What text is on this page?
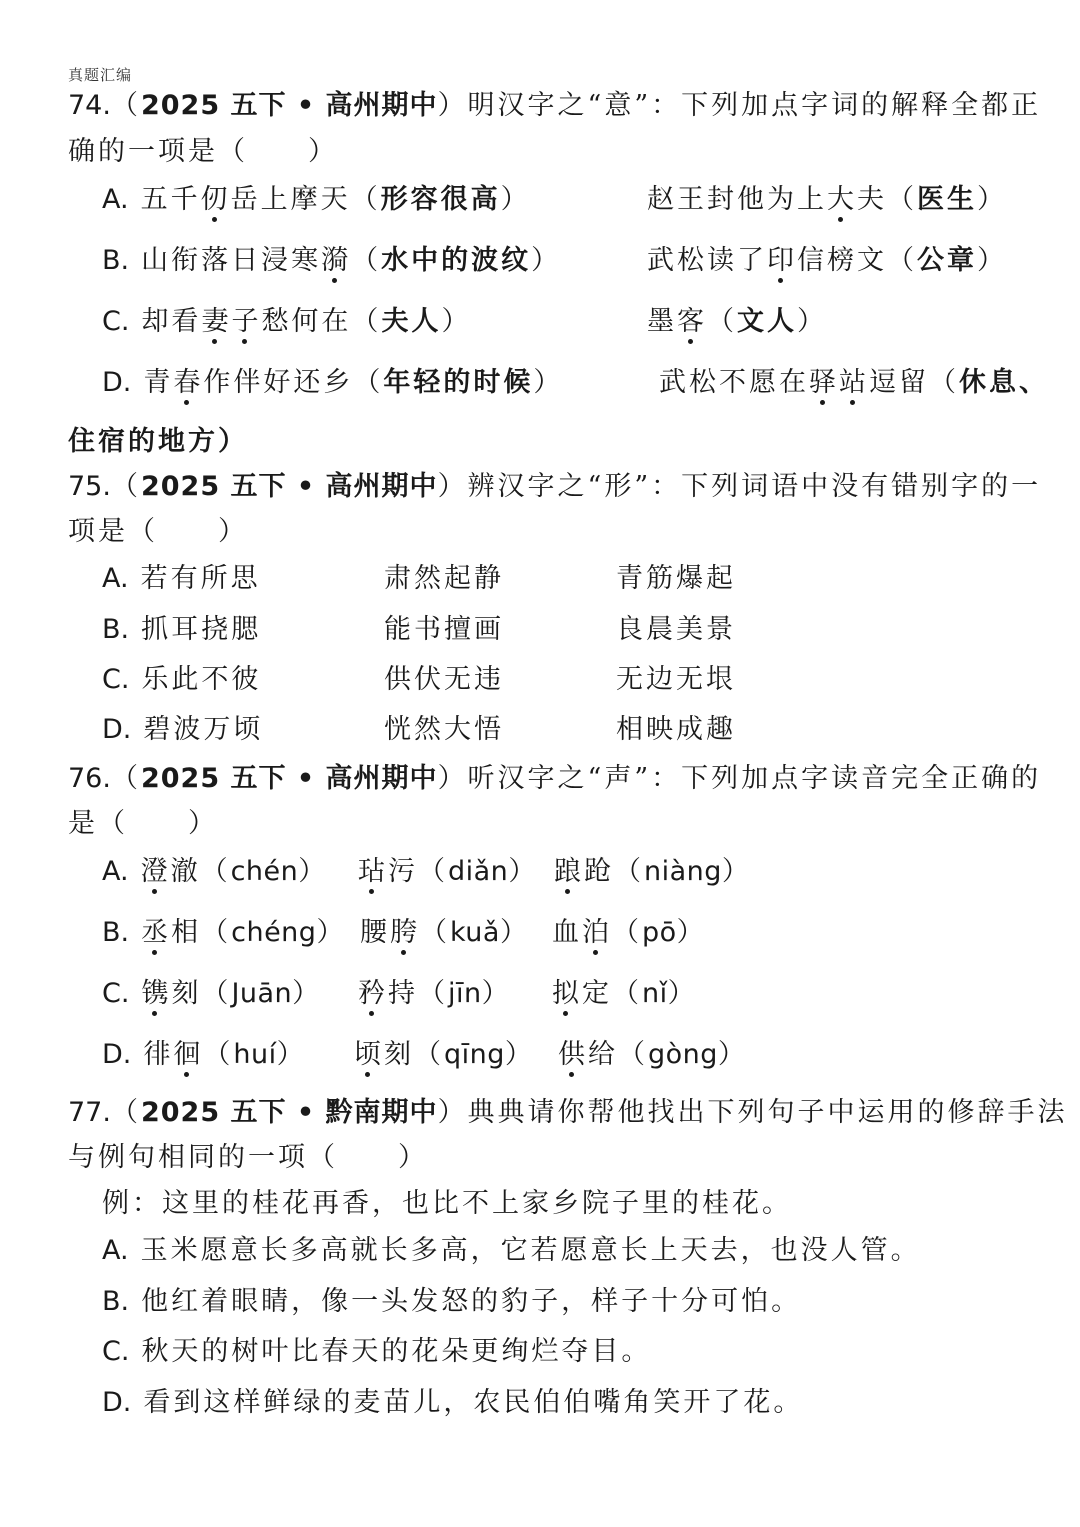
真题汇编
74.（2025 五下 • 高州期中）明汉字之“意”：下列加点字词的解释全都正
确的一项是（　　）
A. 五千仞岳上摩天（形容很高）	赵王封他为上大夫（医生）
B. 山衔落日浸寒漪（水中的波纹）	武松读了印信榜文（公章）
C. 却看妻子愁何在（夫人）	墨客（文人）
D. 青春作伴好还乡（年轻的时候）	武松不愿在驿站逗留（休息、
住宿的地方）
75.（2025 五下 • 高州期中）辨汉字之“形”：下列词语中没有错别字的一
项是（　　）
A. 若有所思	肃然起静	青筋爆起
B. 抓耳挠腮	能书擅画	良晨美景
C. 乐此不彼	供伏无违	无边无垠
D. 碧波万顷	恍然大悟	相映成趣
76.（2025 五下 • 高州期中）听汉字之“声”：下列加点字读音完全正确的
是（　　）
A. 澄澈（chén） 玷污（diǎn） 踉跄（niàng）
B. 丞相（chéng） 腰胯（kuǎ） 血泊（pō）
C. 镌刻（Juān） 矜持（jīn） 拟定（nǐ）
D. 徘徊（huí） 顷刻（qīng） 供给（gòng）
77.（2025 五下 • 黔南期中）典典请你帮他找出下列句子中运用的修辞手法
与例句相同的一项（　　）
例：这里的桂花再香，也比不上家乡院子里的桂花。
A. 玉米愿意长多高就长多高，它若愿意长上天去，也没人管。
B. 他红着眼睛，像一头发怒的豹子，样子十分可怕。
C. 秋天的树叶比春天的花朵更绚烂夺目。
D. 看到这样鲜绿的麦苗儿，农民伯伯嘴角笑开了花。
